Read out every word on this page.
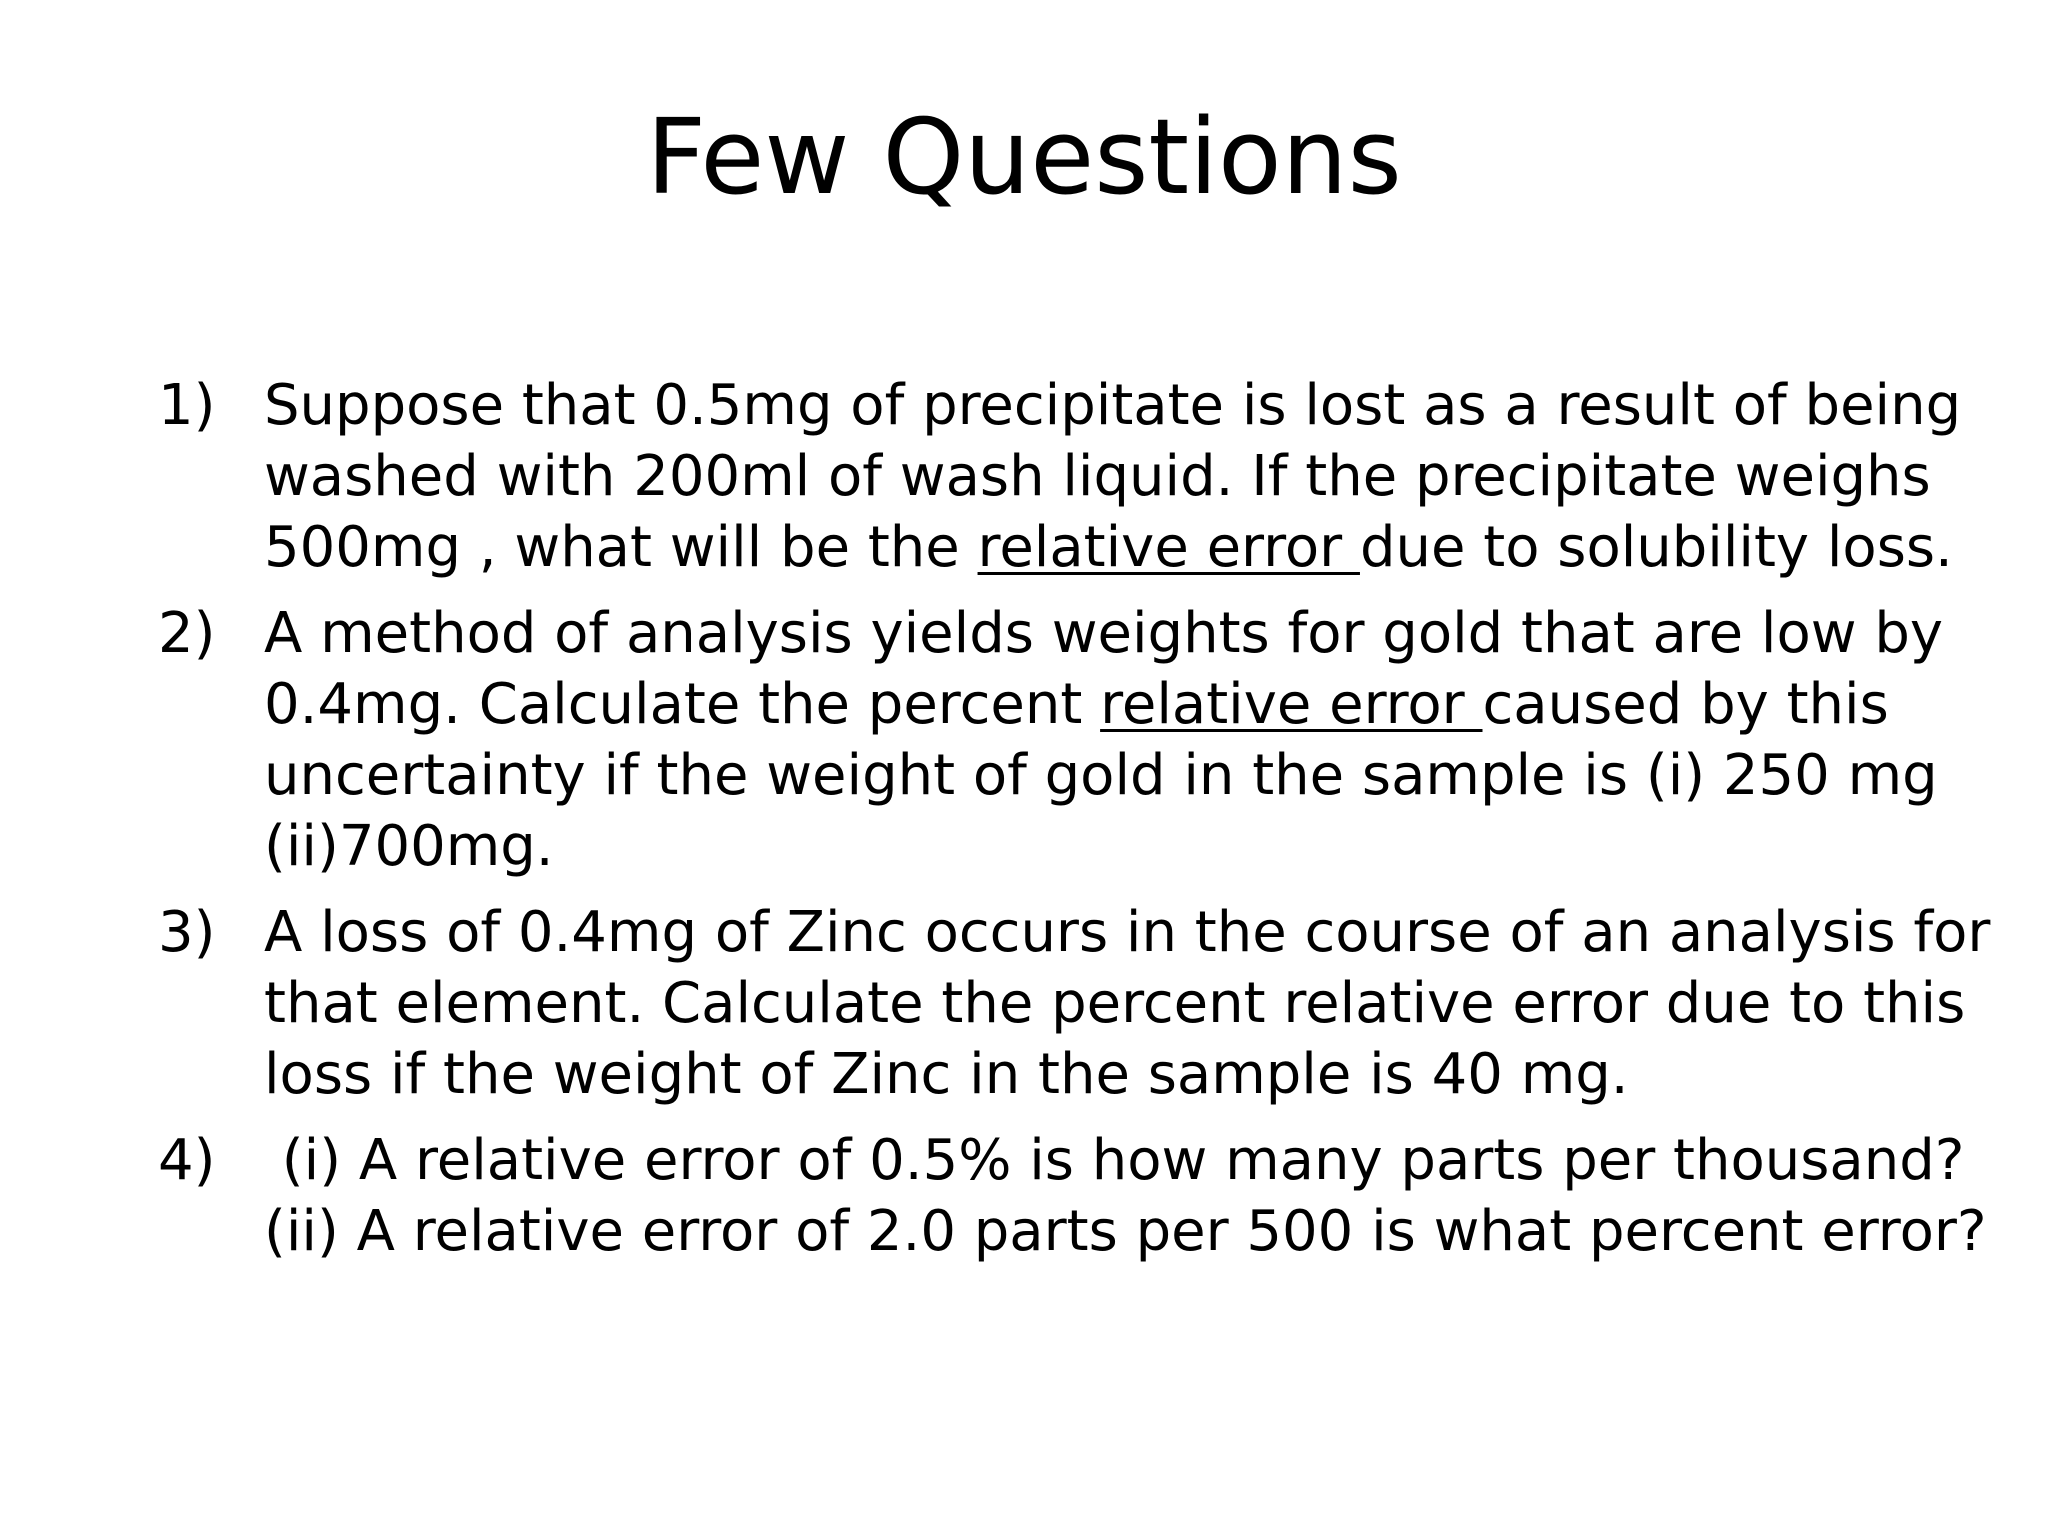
Few Questions
1) Suppose that 0.5mg of precipitate is lost as a result of being
washed with 200ml of wash liquid. If the precipitate weighs
500mg , what will be the relative error due to solubility loss.
2) A method of analysis yields weights for gold that are low by
0.4mg. Calculate the percent relative error caused by this
uncertainty if the weight of gold in the sample is (i) 250 mg
(ii)700mg.
3) A loss of 0.4mg of Zinc occurs in the course of an analysis for
that element. Calculate the percent relative error due to this
loss if the weight of Zinc in the sample is 40 mg.
4) (i) A relative error of 0.5% is how many parts per thousand?
(ii) A relative error of 2.0 parts per 500 is what percent error?
